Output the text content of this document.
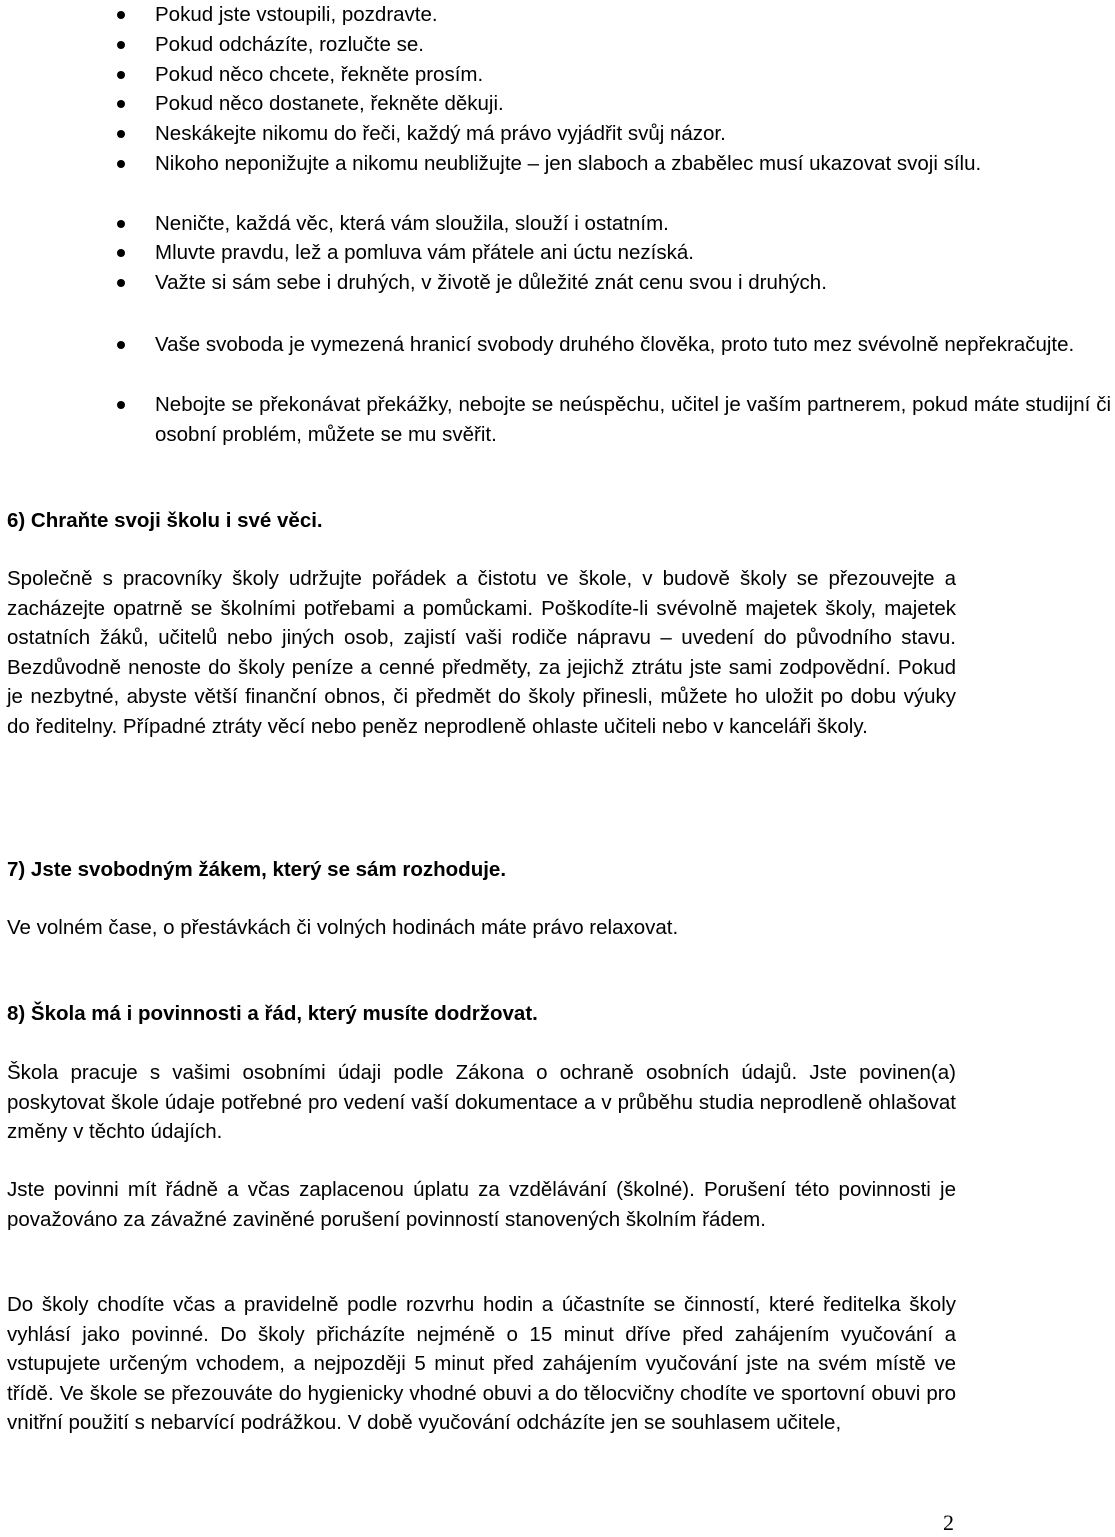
Pokud jste vstoupili, pozdravte.
Pokud odcházíte, rozlučte se.
Pokud něco chcete, řekněte prosím.
Pokud něco dostanete, řekněte děkuji.
Neskákejte nikomu do řeči, každý má právo vyjádřit svůj názor.
Nikoho neponižujte a nikomu neubližujte – jen slaboch a zbabělec musí ukazovat svoji sílu.
Neničte, každá věc, která vám sloužila, slouží i ostatním.
Mluvte pravdu, lež a pomluva vám přátele ani úctu nezíská.
Važte si sám sebe i druhých, v životě je důležité znát cenu svou i druhých.
Vaše svoboda je vymezená hranicí svobody druhého člověka, proto tuto mez svévolně nepřekračujte.
Nebojte se překonávat překážky, nebojte se neúspěchu, učitel je vaším partnerem, pokud máte studijní či osobní problém, můžete se mu svěřit.
6) Chraňte svoji školu i své věci.

Společně s pracovníky školy udržujte pořádek a čistotu ve škole, v budově školy se přezouvejte a zacházejte opatrně se školními potřebami a pomůckami. Poškodíte-li svévolně majetek školy, majetek ostatních žáků, učitelů nebo jiných osob, zajistí vaši rodiče nápravu – uvedení do původního stavu. Bezdůvodně nenoste do školy peníze a cenné předměty, za jejichž ztrátu jste sami zodpovědní. Pokud je nezbytné, abyste větší finanční obnos, či předmět do školy přinesli, můžete ho uložit po dobu výuky do ředitelny. Případné ztráty věcí nebo peněz neprodleně ohlaste učiteli nebo v kanceláři školy.

7) Jste svobodným žákem, který se sám rozhoduje.

Ve volném čase, o přestávkách či volných hodinách máte právo relaxovat.

8) Škola má i povinnosti a řád, který musíte dodržovat.

Škola pracuje s vašimi osobními údaji podle Zákona o ochraně osobních údajů. Jste povinen(a) poskytovat škole údaje potřebné pro vedení vaší dokumentace a v průběhu studia neprodleně ohlašovat změny v těchto údajích.

Jste povinni mít řádně a včas zaplacenou úplatu za vzdělávání (školné). Porušení této povinnosti je považováno za závažné zaviněné porušení povinností stanovených školním řádem.

Do školy chodíte včas a pravidelně podle rozvrhu hodin a účastníte se činností, které ředitelka školy vyhlásí jako povinné. Do školy přicházíte nejméně o 15 minut dříve před zahájením vyučování a vstupujete určeným vchodem, a nejpozději 5 minut před zahájením vyučování jste na svém místě ve třídě. Ve škole se přezouváte do hygienicky vhodné obuvi a do tělocvičny chodíte ve sportovní obuvi pro vnitřní použití s nebarvící podrážkou. V době vyučování odcházíte jen se souhlasem učitele,

2
